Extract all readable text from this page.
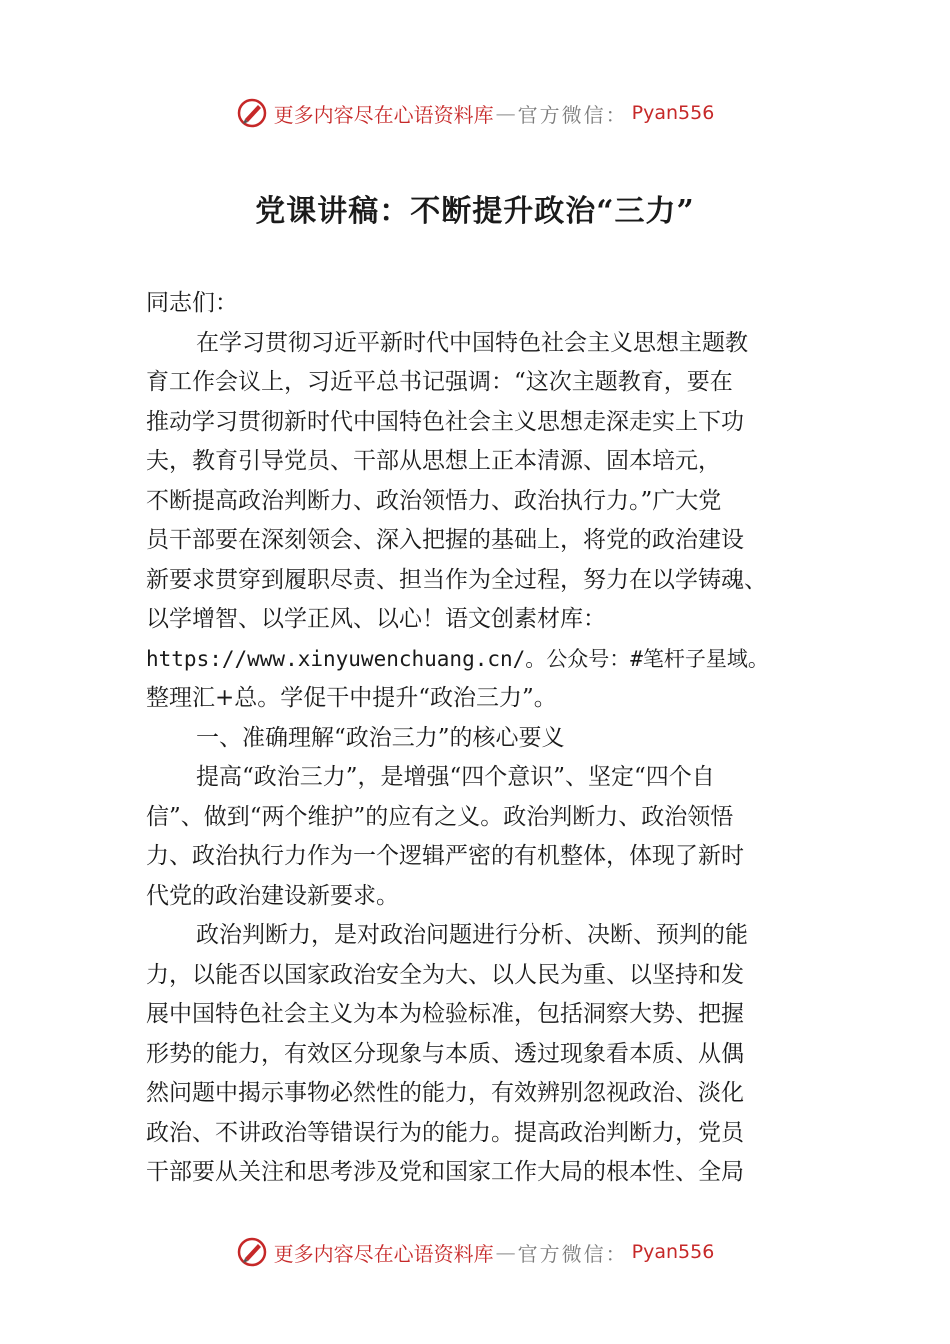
更多内容尽在心语资料库 — 官方微信： Pyan556
党课讲稿：不断提升政治“三力”
同志们：
在学习贯彻习近平新时代中国特色社会主义思想主题教
育工作会议上，习近平总书记强调：“这次主题教育，要在
推动学习贯彻新时代中国特色社会主义思想走深走实上下功
夫，教育引导党员、干部从思想上正本清源、固本培元，
不断提高政治判断力、政治领悟力、政治执行力。”广大党
员干部要在深刻领会、深入把握的基础上，将党的政治建设
新要求贯穿到履职尽责、担当作为全过程，努力在以学铸魂、
以学增智、以学正风、以心！语文创素材库：
https://www.xinyuwenchuang.cn/。公众号：#笔杆子星域。
整理汇+总。学促干中提升“政治三力”。
一、准确理解“政治三力”的核心要义
提高“政治三力”，是增强“四个意识”、坚定“四个自
信”、做到“两个维护”的应有之义。政治判断力、政治领悟
力、政治执行力作为一个逻辑严密的有机整体，体现了新时
代党的政治建设新要求。
政治判断力，是对政治问题进行分析、决断、预判的能
力，以能否以国家政治安全为大、以人民为重、以坚持和发
展中国特色社会主义为本为检验标准，包括洞察大势、把握
形势的能力，有效区分现象与本质、透过现象看本质、从偶
然问题中揭示事物必然性的能力，有效辨别忽视政治、淡化
政治、不讲政治等错误行为的能力。提高政治判断力，党员
干部要从关注和思考涉及党和国家工作大局的根本性、全局
更多内容尽在心语资料库 — 官方微信： Pyan556
